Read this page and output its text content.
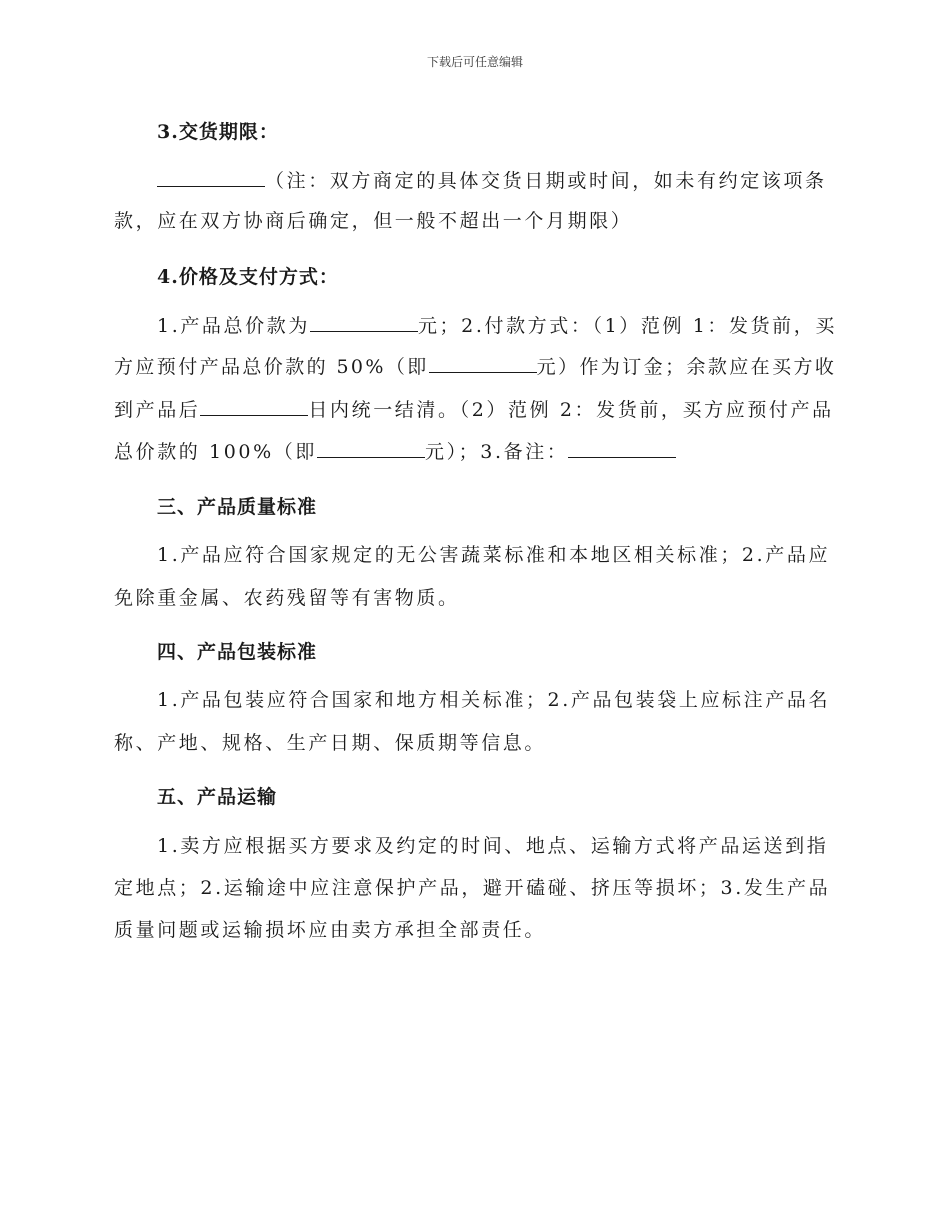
下载后可任意编辑
3.交货期限：
（注：双方商定的具体交货日期或时间，如未有约定该项条
款，应在双方协商后确定，但一般不超出一个月期限）
4.价格及支付方式：
1.产品总价款为	元；2.付款方式：（1）范例 1：发货前，买
方应预付产品总价款的 50%（即	元）作为订金；余款应在买方收
到产品后	日内统一结清。（2）范例 2：发货前，买方应预付产品
总价款的 100%（即	元）；3.备注：
三、产品质量标准
1.产品应符合国家规定的无公害蔬菜标准和本地区相关标准；2.产品应
免除重金属、农药残留等有害物质。
四、产品包装标准
1.产品包装应符合国家和地方相关标准；2.产品包装袋上应标注产品名
称、产地、规格、生产日期、保质期等信息。
五、产品运输
1.卖方应根据买方要求及约定的时间、地点、运输方式将产品运送到指
定地点；2.运输途中应注意保护产品，避开磕碰、挤压等损坏；3.发生产品
质量问题或运输损坏应由卖方承担全部责任。
